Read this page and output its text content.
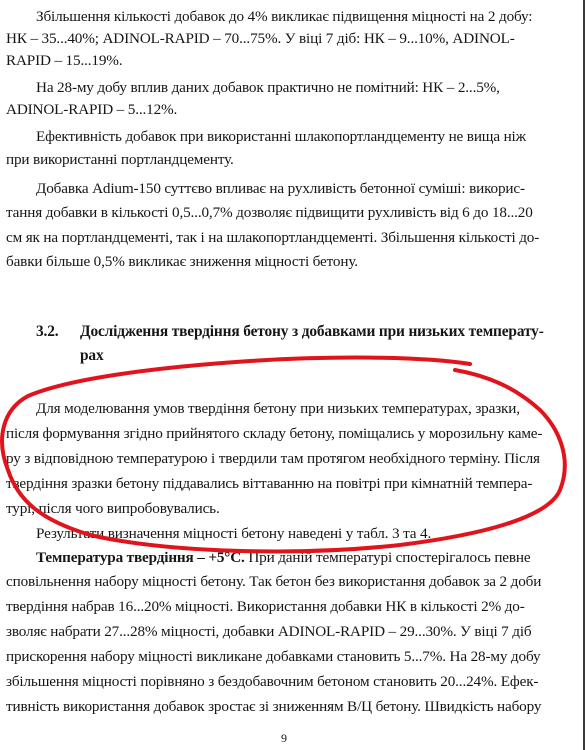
Збільшення кількості добавок до 4% викликає підвищення міцності на 2 добу:
НК – 35...40%; ADINOL-RAPID – 70...75%. У віці 7 діб: НК – 9...10%, ADINOL-
RAPID – 15...19%.
На 28-му добу вплив даних добавок практично не помітний: НК – 2...5%,
ADINOL-RAPID – 5...12%.
Ефективність добавок при використанні шлакопортландцементу не вища ніж
при використанні портландцементу.
Добавка Adium-150 суттєво впливає на рухливість бетонної суміші: викорис-
тання добавки в кількості 0,5...0,7% дозволяє підвищити рухливість від 6 до 18...20
см як на портландцементі, так і на шлакопортландцементі. Збільшення кількості до-
бавки більше 0,5% викликає зниження міцності бетону.
3.2. Дослідження твердіння бетону з добавками при низьких температу-
рах
Для моделювання умов твердіння бетону при низьких температурах, зразки,
після формування згідно прийнятого складу бетону, поміщались у морозильну каме-
ру з відповідною температурою і твердили там протягом необхідного терміну. Після
твердіння зразки бетону піддавались віттаванню на повітрі при кімнатній темпера-
турі, після чого випробовувались.
Результати визначення міцності бетону наведені у табл. 3 та 4.
Температура твердіння – +5°С. При даній температурі спостерігалось певне
сповільнення набору міцності бетону. Так бетон без використання добавок за 2 доби
твердіння набрав 16...20% міцності. Використання добавки НК в кількості 2% до-
зволяє набрати 27...28% міцності, добавки ADINOL-RAPID – 29...30%. У віці 7 діб
прискорення набору міцності викликане добавками становить 5...7%. На 28-му добу
збільшення міцності порівняно з бездобавочним бетоном становить 20...24%. Ефек-
тивність використання добавок зростає зі зниженням В/Ц бетону. Швидкість набору
9
